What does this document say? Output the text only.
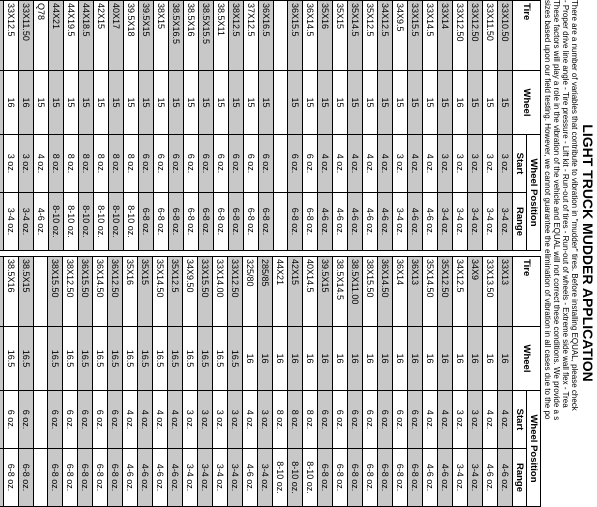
LIGHT TRUCK MUDDER APPLICATION

There are a number of variables that contribute to vibration in "mudder" tires. Before installing EQUAL, please check

- Proper drive line angle - Tire pressure - Lift kit - Run-out of tires - Run-out of wheels - Extreme side wall flex - Trea

These factors will play a role in the vibration of the vehicle and EQUAL will not correct these conditions. We provide a s

sizes based upon our field testing. However, we cannot guarantee the elimination of vibration in all cases due to the po

Tire	Wheel	Wheel Position	
		Start	Range
33X10.50	15	3 oz.	3-4 oz.
33X11.50	15	3 oz.	3-4 oz.
33X12.50	15	3 oz.	3-4 oz.
33X12.50	16	3 oz.	3-4 oz.
33X14	15	3 oz.	3-4 oz.
33X14.5	15	4 oz.	4-6 oz.
33X15.5	15	4 oz.	4-6 oz.
34X9.5	15	3 oz.	3-4 oz.
34X12.5	15	4 oz.	4-6 oz.
35X12.5	15	4 oz.	4-6 oz.
35X14.5	15	4 oz.	4-6 oz.
35X15	15	4 oz.	4-6 oz.
35X16	15	4 oz.	4-6 oz.
36X14.5	15	6 oz.	6-8 oz.
36X15.5	15	6 oz.	6-8 oz.

36X16.5	15	6 oz.	6-8 oz.
37X12.5	15	6 oz.	6-8 oz.
38X12.5	15	6 oz.	6-8 oz.
38.5X11	15	6 oz.	6-8 oz.
38.5X15.5	15	6 oz.	6-8 oz.
38.5X16	15	6 oz.	6-8 oz.
38.5X16.5	15	6 oz.	6-8 oz.
38X15	15	6 oz.	6-8 oz.
39.5X15	15	6 oz.	6-8 oz.
39.5X18	15	8 oz.	8-10 oz.
40X17	15	8 oz.	8-10 oz.
42X15	15	8 oz.	8-10 oz.
44X18.5	15	8 oz.	8-10 oz.
44X19.5	15	8 oz.	8-10 oz.
44X21	15	8 oz.	8-10 oz.
Q78	15	4 oz.	4-6 oz.
33X11.50	16	3 oz.	3-4 oz.
33X12.5	16	3 oz.	3-4 oz.

Tire	Wheel	Wheel Position	
		Start	Range
33X13	16	4 oz.	4-6 oz.
33X13.50	16	4 oz.	4-6 oz.
34X9	16	3 oz.	3-4 oz.
34X12.5	16	3 oz.	3-4 oz.
35X12.50	16	4 oz.	4-6 oz.
35X14.50	16	4 oz.	4-6 oz.
36X13	16	6 oz.	6-8 oz.
36X14	16	6 oz.	6-8 oz.
36X14.50	16	6 oz.	6-8 oz.
38X15.50	16	6 oz.	6-8 oz.
38.5X11.00	16	6 oz.	6-8 oz.
38.5X14.5	16	6 oz.	6-8 oz.
39.5X15	16	6 oz.	6-8 oz.
40X14.5	16	8 oz.	8-10 oz.
42X15	16	8 oz.	8-10 oz.
44X21	16	8 oz.	8-10 oz.
285/85	16	3 oz.	3-4 oz.
325/80	16	4 oz.	4-6 oz.
33X12.50	16.5	3 oz.	3-4 oz.
33X14.00	16.5	3 oz.	3-4 oz.
33X15.50	16.5	3 oz.	3-4 oz.
34X9.50	16.5	3 oz.	3-4 oz.
35X12.5	16.5	4 oz.	4-6 oz.
35X14.50	16.5	4 oz.	4-6 oz.
35X15	16.5	4 oz.	4-6 oz.
35X16	16.5	4 oz.	4-6 oz.
36X12.50	16.5	6 oz.	6-8 oz.
36X14.50	16.5	6 oz.	6-8 oz.
36X15.50	16.5	6 oz.	6-8 oz.
38X12.50	16.5	6 oz.	6-8 oz.
38X15.50	16.5	6 oz.	6-8 oz.

38.5X15	16.5	6 oz.	6-8 oz.
38.5X16	16.5	6 oz.	6-8 oz.
